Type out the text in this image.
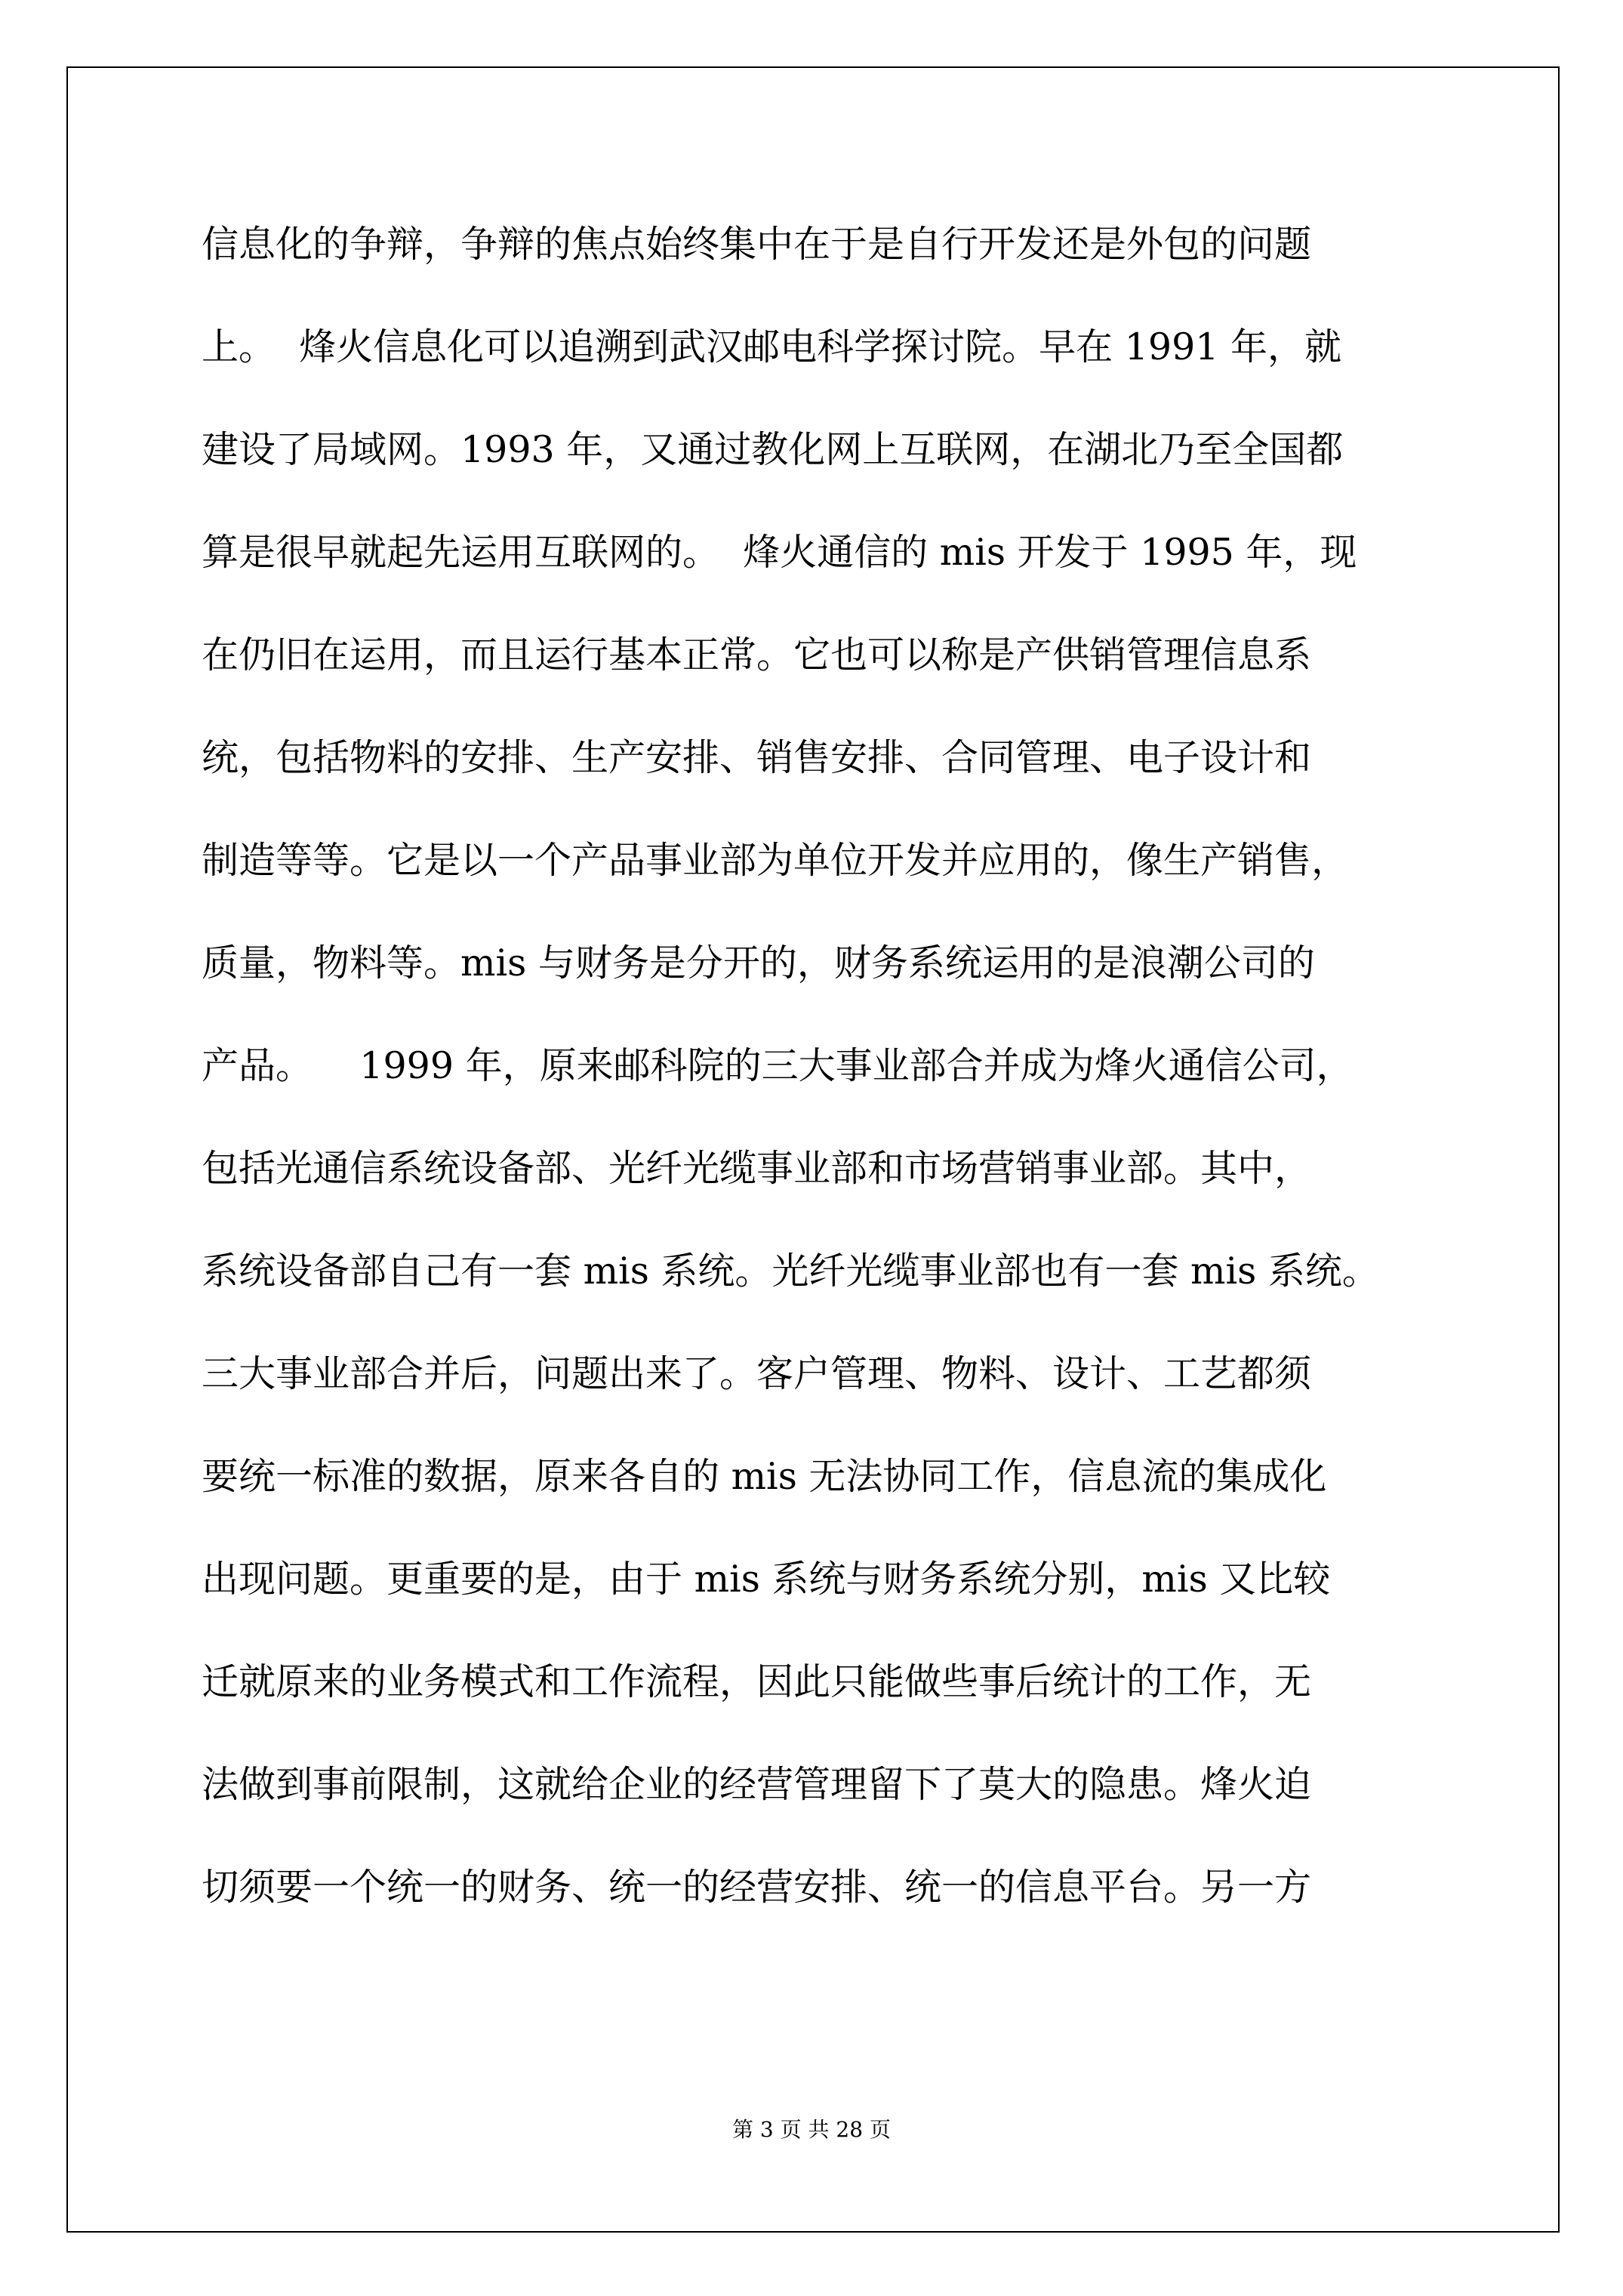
信息化的争辩，争辩的焦点始终集中在于是自行开发还是外包的问题
上。  烽火信息化可以追溯到武汉邮电科学探讨院。早在 1991 年，就
建设了局域网。1993 年，又通过教化网上互联网，在湖北乃至全国都
算是很早就起先运用互联网的。  烽火通信的 mis 开发于 1995 年，现
在仍旧在运用，而且运行基本正常。它也可以称是产供销管理信息系
统，包括物料的安排、生产安排、销售安排、合同管理、电子设计和
制造等等。它是以一个产品事业部为单位开发并应用的，像生产销售，
质量，物料等。mis 与财务是分开的，财务系统运用的是浪潮公司的
产品。    1999 年，原来邮科院的三大事业部合并成为烽火通信公司，
包括光通信系统设备部、光纤光缆事业部和市场营销事业部。其中，
系统设备部自己有一套 mis 系统。光纤光缆事业部也有一套 mis 系统。
三大事业部合并后，问题出来了。客户管理、物料、设计、工艺都须
要统一标准的数据，原来各自的 mis 无法协同工作，信息流的集成化
出现问题。更重要的是，由于 mis 系统与财务系统分别，mis 又比较
迁就原来的业务模式和工作流程，因此只能做些事后统计的工作，无
法做到事前限制，这就给企业的经营管理留下了莫大的隐患。烽火迫
切须要一个统一的财务、统一的经营安排、统一的信息平台。另一方
第 3 页 共 28 页
